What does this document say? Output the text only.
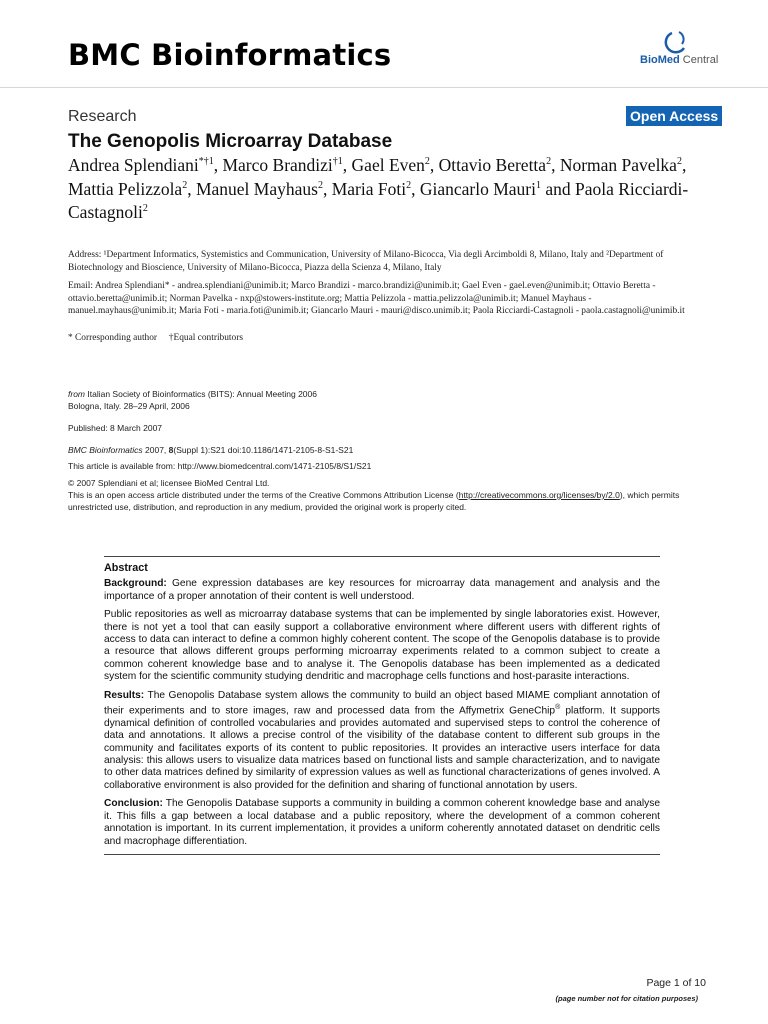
BMC Bioinformatics	BioMed Central
Research	Open Access
The Genopolis Microarray Database
Andrea Splendiani$^{*\dagger 1}$, Marco Brandizi$^{\dagger 1}$, Gael Even$^2$, Ottavio Beretta$^2$, Norman Pavelka$^2$, Mattia Pelizzola$^2$, Manuel Mayhaus$^2$, Maria Foti$^2$, Giancarlo Mauri$^1$ and Paola Ricciardi-Castagnoli$^2$
Address: ¹Department Informatics, Systemistics and Communication, University of Milano-Bicocca, Via degli Arcimboldi 8, Milano, Italy and ²Department of Biotechnology and Bioscience, University of Milano-Bicocca, Piazza della Scienza 4, Milano, Italy
Email: Andrea Splendiani* - andrea.splendiani@unimib.it; Marco Brandizi - marco.brandizi@unimib.it; Gael Even - gael.even@unimib.it; Ottavio Beretta - ottavio.beretta@unimib.it; Norman Pavelka - nxp@stowers-institute.org; Mattia Pelizzola - mattia.pelizzola@unimib.it; Manuel Mayhaus - manuel.mayhaus@unimib.it; Maria Foti - maria.foti@unimib.it; Giancarlo Mauri - mauri@disco.unimib.it; Paola Ricciardi-Castagnoli - paola.castagnoli@unimib.it
* Corresponding author †Equal contributors
from Italian Society of Bioinformatics (BITS): Annual Meeting 2006
Bologna, Italy. 28–29 April, 2006
Published: 8 March 2007
BMC Bioinformatics 2007, 8(Suppl 1):S21 doi:10.1186/1471-2105-8-S1-S21
This article is available from: http://www.biomedcentral.com/1471-2105/8/S1/S21
© 2007 Splendiani et al; licensee BioMed Central Ltd.
This is an open access article distributed under the terms of the Creative Commons Attribution License (http://creativecommons.org/licenses/by/2.0), which permits unrestricted use, distribution, and reproduction in any medium, provided the original work is properly cited.
Abstract

Background: Gene expression databases are key resources for microarray data management and analysis and the importance of a proper annotation of their content is well understood.

Public repositories as well as microarray database systems that can be implemented by single laboratories exist. However, there is not yet a tool that can easily support a collaborative environment where different users with different rights of access to data can interact to define a common highly coherent content. The scope of the Genopolis database is to provide a resource that allows different groups performing microarray experiments related to a common subject to create a common coherent knowledge base and to analyse it. The Genopolis database has been implemented as a dedicated system for the scientific community studying dendritic and macrophage cells functions and host-parasite interactions.

Results: The Genopolis Database system allows the community to build an object based MIAME compliant annotation of their experiments and to store images, raw and processed data from the Affymetrix GeneChip® platform. It supports dynamical definition of controlled vocabularies and provides automated and supervised steps to control the coherence of data and annotations. It allows a precise control of the visibility of the database content to different sub groups in the community and facilitates exports of its content to public repositories. It provides an interactive users interface for data analysis: this allows users to visualize data matrices based on functional lists and sample characterization, and to navigate to other data matrices defined by similarity of expression values as well as functional characterizations of genes involved. A collaborative environment is also provided for the definition and sharing of functional annotation by users.

Conclusion: The Genopolis Database supports a community in building a common coherent knowledge base and analyse it. This fills a gap between a local database and a public repository, where the development of a common coherent annotation is important. In its current implementation, it provides a uniform coherently annotated dataset on dendritic cells and macrophage differentiation.

Page 1 of 10
(page number not for citation purposes)
